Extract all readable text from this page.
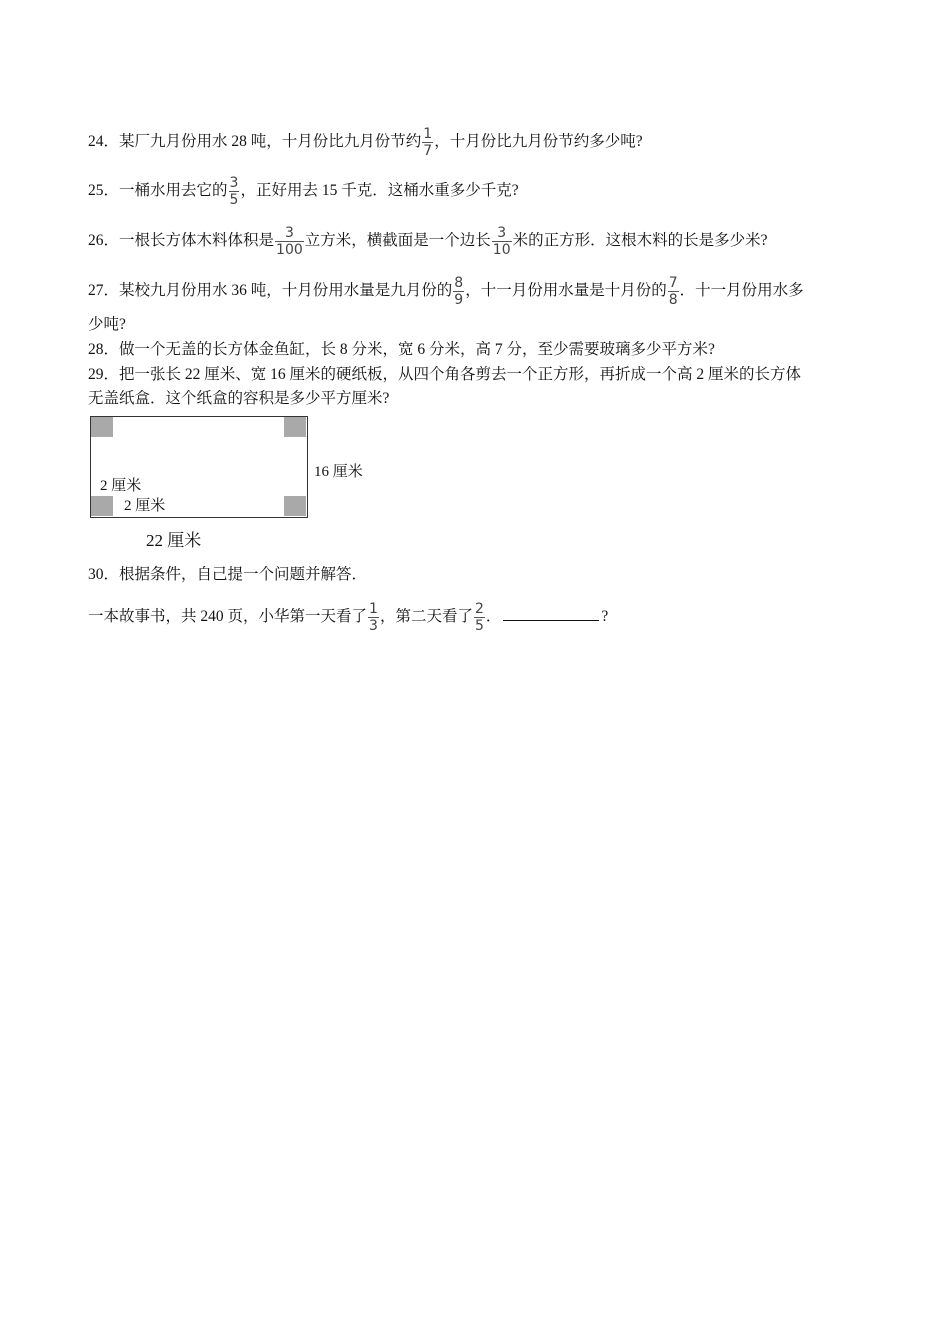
24．某厂九月份用水 28 吨，十月份比九月份节约 $\frac{1}{7}$ ，十月份比九月份节约多少吨?
25．一桶水用去它的 $\frac{3}{5}$ ，正好用去 15 千克．这桶水重多少千克?
26．一根长方体木料体积是 $\frac{3}{100}$ 立方米，横截面是一个边长 $\frac{3}{10}$ 米的正方形．这根木料的长是多少米?
27．某校九月份用水 36 吨，十月份用水量是九月份的 $\frac{8}{9}$ ，十一月份用水量是十月份的 $\frac{7}{8}$ ．十一月份用水多
少吨?
28．做一个无盖的长方体金鱼缸，长 8 分米，宽 6 分米，高 7 分，至少需要玻璃多少平方米?
29．把一张长 22 厘米、宽 16 厘米的硬纸板，从四个角各剪去一个正方形，再折成一个高 2 厘米的长方体
无盖纸盒．这个纸盒的容积是多少平方厘米?
16 厘米
2 厘米
2 厘米
22 厘米
30．根据条件，自己提一个问题并解答．
一本故事书，共 240 页，小华第一天看了 $\frac{1}{3}$ ，第二天看了 $\frac{2}{5}$ ．	?
